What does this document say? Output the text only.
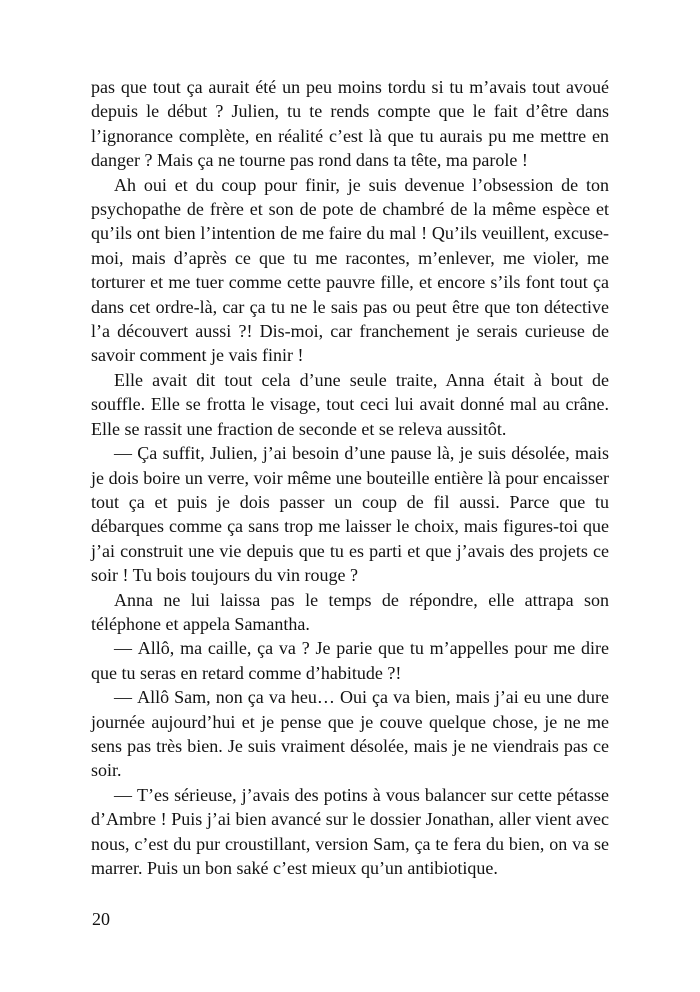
pas que tout ça aurait été un peu moins tordu si tu m’avais tout avoué depuis le début ? Julien, tu te rends compte que le fait d’être dans l’ignorance complète, en réalité c’est là que tu aurais pu me mettre en danger ? Mais ça ne tourne pas rond dans ta tête, ma parole !

Ah oui et du coup pour finir, je suis devenue l’obsession de ton psychopathe de frère et son de pote de chambré de la même espèce et qu’ils ont bien l’intention de me faire du mal ! Qu’ils veuillent, excuse-moi, mais d’après ce que tu me racontes, m’enlever, me violer, me torturer et me tuer comme cette pauvre fille, et encore s’ils font tout ça dans cet ordre-là, car ça tu ne le sais pas ou peut être que ton détective l’a découvert aussi ?! Dis-moi, car franchement je serais curieuse de savoir comment je vais finir !

Elle avait dit tout cela d’une seule traite, Anna était à bout de souffle. Elle se frotta le visage, tout ceci lui avait donné mal au crâne. Elle se rassit une fraction de seconde et se releva aussitôt.

— Ça suffit, Julien, j’ai besoin d’une pause là, je suis désolée, mais je dois boire un verre, voir même une bouteille entière là pour encaisser tout ça et puis je dois passer un coup de fil aussi. Parce que tu débarques comme ça sans trop me laisser le choix, mais figures-toi que j’ai construit une vie depuis que tu es parti et que j’avais des projets ce soir ! Tu bois toujours du vin rouge ?

Anna ne lui laissa pas le temps de répondre, elle attrapa son téléphone et appela Samantha.

— Allô, ma caille, ça va ? Je parie que tu m’appelles pour me dire que tu seras en retard comme d’habitude ?!

— Allô Sam, non ça va heu… Oui ça va bien, mais j’ai eu une dure journée aujourd’hui et je pense que je couve quelque chose, je ne me sens pas très bien. Je suis vraiment désolée, mais je ne viendrais pas ce soir.

— T’es sérieuse, j’avais des potins à vous balancer sur cette pétasse d’Ambre ! Puis j’ai bien avancé sur le dossier Jonathan, aller vient avec nous, c’est du pur croustillant, version Sam, ça te fera du bien, on va se marrer. Puis un bon saké c’est mieux qu’un antibiotique.

20
